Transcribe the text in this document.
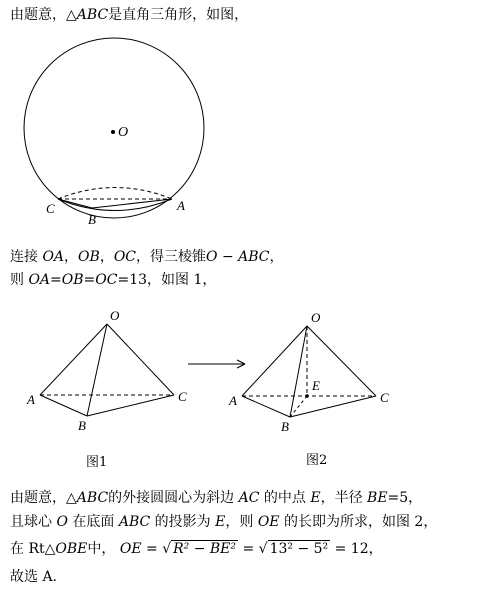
由题意，△ABC是直角三角形，如图，
O
C
B
A
连接 OA，OB，OC，得三棱锥O − ABC，
则 OA=OB=OC=13，如图 1，
O
A
B
C
O
A
B
C
E
图1	图2
由题意，△ABC的外接圆圆心为斜边 AC 的中点 E，半径 BE=5，
且球心 O 在底面 ABC 的投影为 E，则 OE 的长即为所求，如图 2，
在 Rt△OBE中， OE = √ R² − BE² = √ 13² − 5² = 12，
故选 A.
